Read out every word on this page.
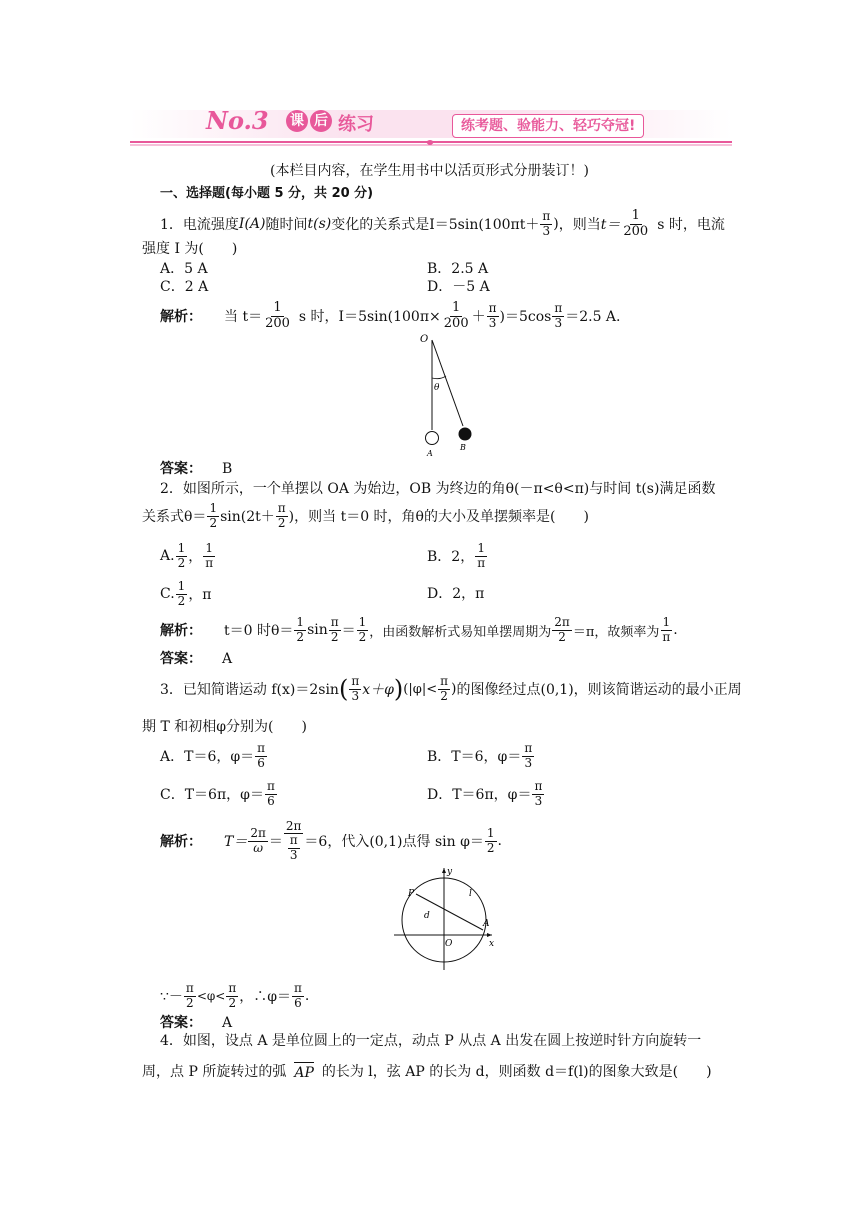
No.3 课 后 练习	练考题、验能力、轻巧夺冠!
(本栏目内容，在学生用书中以活页形式分册装订！)
一、选择题(每小题 5 分，共 20 分)
1．电流强度 I(A) 随时间 t(s) 变化的关系式是 $I=5\sin(100\pi t+ \frac{\pi}{3}$ ) ，则当 $t= \frac{1}{200}$ s 时，电流
强度 I 为(　　)
A．5 A	B．2.5 A
C．2 A	D．－5 A
解析： 当 $t= \frac{1}{200}$ s 时，$I=5\sin(100\pi\times \frac{1}{200} + \frac{\pi}{3} )=5\cos \frac{\pi}{3} =2.5$ A.
O
θ
A
B
答案： B
2．如图所示，一个单摆以 OA 为始边，OB 为终边的角θ(－π<θ<π)与时间 t(s)满足函数
关系式$\theta= \frac{1}{2} \sin(2t+ \frac{\pi}{2}$ )，则当 t＝0 时，角θ的大小及单摆频率是(　　)
A. $\frac{1}{2}$ ， $\frac{1}{\pi}$	B．2， $\frac{1}{\pi}$
C. $\frac{1}{2}$ ，π	D．2，π
解析： t＝0 时$\theta= \frac{1}{2}$ $\sin \frac{\pi}{2} = \frac{1}{2}$ ，由函数解析式易知单摆周期为 $\frac{2\pi}{2} =\pi$，故频率为 $\frac{1}{\pi}$ .
答案： A
3．已知简谐运动 f(x)＝2sin ( $\frac{\pi}{3} x+\varphi$ ) ($|\varphi|< \frac{\pi}{2}$ ) 的图像经过点(0,1)，则该简谐运动的最小正周
期 T 和初相φ分别为(　　)
A．T＝6，$\varphi= \frac{\pi}{6}$	B．T＝6，$\varphi= \frac{\pi}{3}$
C．T＝6π，$\varphi= \frac{\pi}{6}$	D．T＝6π，$\varphi= \frac{\pi}{3}$
解析： $T= \frac{2\pi}{\omega} = \frac{2\pi}{\frac{\pi}{3}} =6$，代入(0,1)点得 $\sin \varphi= \frac{1}{2}$ .
y
x
P	l
d
A
O
∵－ $\frac{\pi}{2} <\varphi< \frac{\pi}{2}$ ，∴φ＝ $\frac{\pi}{6}$ .
答案： A
4．如图，设点 A 是单位圆上的一定点，动点 P 从点 A 出发在圆上按逆时针方向旋转一
周，点 P 所旋转过的弧 AP 的长为 l，弦 AP 的长为 d，则函数 d＝f(l)的图象大致是(　　)
